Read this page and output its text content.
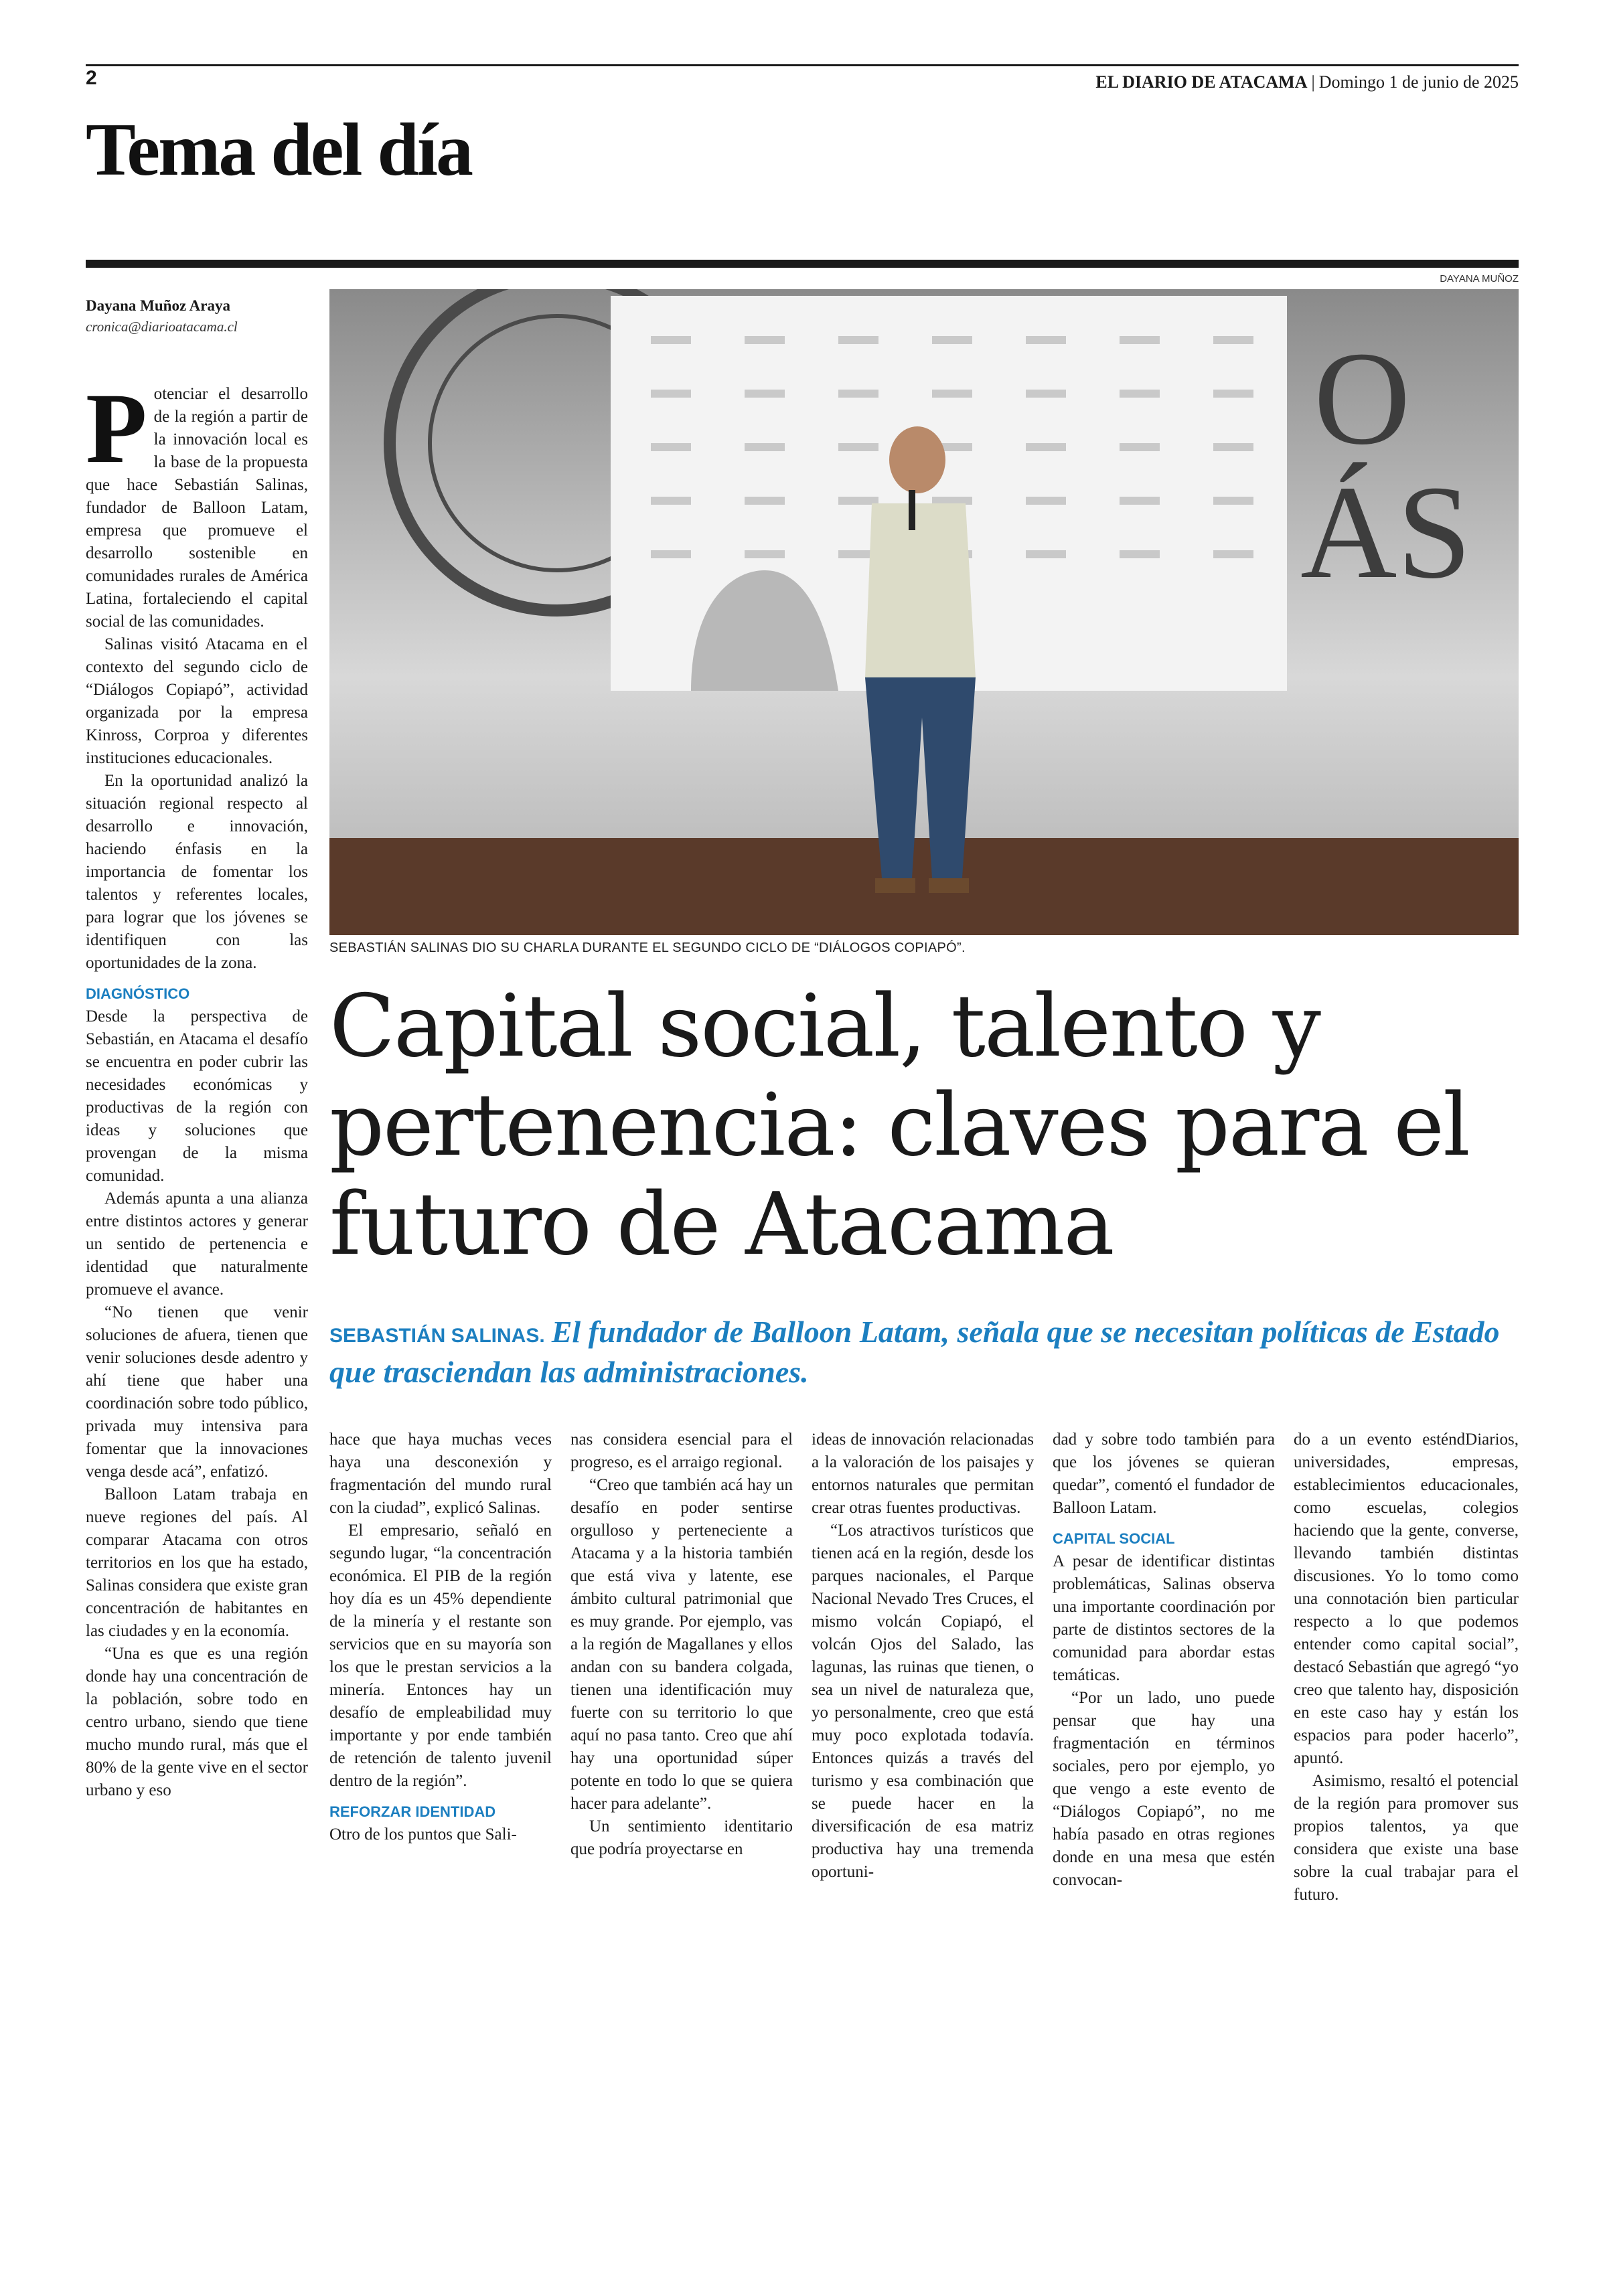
2	EL DIARIO DE ATACAMA | Domingo 1 de junio de 2025
Tema del día
DAYANA MUÑOZ
O
ÁS
SEBASTIÁN SALINAS DIO SU CHARLA DURANTE EL SEGUNDO CICLO DE “DIÁLOGOS COPIAPÓ”.
Dayana Muñoz Araya
cronica@diarioatacama.cl
P otenciar el desarrollo de la región a partir de la innovación local es la base de la propuesta que hace Sebastián Salinas, fundador de Balloon Latam, empresa que promueve el desarrollo sostenible en comunidades rurales de América Latina, fortaleciendo el capital social de las comunidades.

Salinas visitó Atacama en el contexto del segundo ciclo de “Diálogos Copiapó”, actividad organizada por la empresa Kinross, Corproa y diferentes instituciones educacionales.

En la oportunidad analizó la situación regional respecto al desarrollo e innovación, haciendo énfasis en la importancia de fomentar los talentos y referentes locales, para lograr que los jóvenes se identifiquen con las oportunidades de la zona.

DIAGNÓSTICO

Desde la perspectiva de Sebastián, en Atacama el desafío se encuentra en poder cubrir las necesidades económicas y productivas de la región con ideas y soluciones que provengan de la misma comunidad.

Además apunta a una alianza entre distintos actores y generar un sentido de pertenencia e identidad que naturalmente promueve el avance.

“No tienen que venir soluciones de afuera, tienen que venir soluciones desde adentro y ahí tiene que haber una coordinación sobre todo público, privada muy intensiva para fomentar que la innovaciones venga desde acá”, enfatizó.

Balloon Latam trabaja en nueve regiones del país. Al comparar Atacama con otros territorios en los que ha estado, Salinas considera que existe gran concentración de habitantes en las ciudades y en la economía.

“Una es que es una región donde hay una concentración de la población, sobre todo en centro urbano, siendo que tiene mucho mundo rural, más que el 80% de la gente vive en el sector urbano y eso

Capital social, talento y pertenencia: claves para el futuro de Atacama
SEBASTIÁN SALINAS. El fundador de Balloon Latam, señala que se necesitan políticas de Estado que trasciendan las administraciones.

hace que haya muchas veces haya una desconexión y fragmentación del mundo rural con la ciudad”, explicó Salinas.

El empresario, señaló en segundo lugar, “la concentración económica. El PIB de la región hoy día es un 45% dependiente de la minería y el restante son servicios que en su mayoría son los que le prestan servicios a la minería. Entonces hay un desafío de empleabilidad muy importante y por ende también de retención de talento juvenil dentro de la región”.

REFORZAR IDENTIDAD

Otro de los puntos que Sali-

nas considera esencial para el progreso, es el arraigo regional.

“Creo que también acá hay un desafío en poder sentirse orgulloso y perteneciente a Atacama y a la historia también que está viva y latente, ese ámbito cultural patrimonial que es muy grande. Por ejemplo, vas a la región de Magallanes y ellos andan con su bandera colgada, tienen una identificación muy fuerte con su territorio lo que aquí no pasa tanto. Creo que ahí hay una oportunidad súper potente en todo lo que se quiera hacer para adelante”.

Un sentimiento identitario que podría proyectarse en

ideas de innovación relacionadas a la valoración de los paisajes y entornos naturales que permitan crear otras fuentes productivas.

“Los atractivos turísticos que tienen acá en la región, desde los parques nacionales, el Parque Nacional Nevado Tres Cruces, el mismo volcán Copiapó, el volcán Ojos del Salado, las lagunas, las ruinas que tienen, o sea un nivel de naturaleza que, yo personalmente, creo que está muy poco explotada todavía. Entonces quizás a través del turismo y esa combinación que se puede hacer en la diversificación de esa matriz productiva hay una tremenda oportuni-

dad y sobre todo también para que los jóvenes se quieran quedar”, comentó el fundador de Balloon Latam.

CAPITAL SOCIAL

A pesar de identificar distintas problemáticas, Salinas observa una importante coordinación por parte de distintos sectores de la comunidad para abordar estas temáticas.

“Por un lado, uno puede pensar que hay una fragmentación en términos sociales, pero por ejemplo, yo que vengo a este evento de “Diálogos Copiapó”, no me había pasado en otras regiones donde en una mesa que estén convocan-

do a un evento esténdDiarios, universidades, empresas, establecimientos educacionales, como escuelas, colegios haciendo que la gente, converse, llevando también distintas discusiones. Yo lo tomo como una connotación bien particular respecto a lo que podemos entender como capital social”, destacó Sebastián que agregó “yo creo que talento hay, disposición en este caso hay y están los espacios para poder hacerlo”, apuntó.

Asimismo, resaltó el potencial de la región para promover sus propios talentos, ya que considera que existe una base sobre la cual trabajar para el futuro.
